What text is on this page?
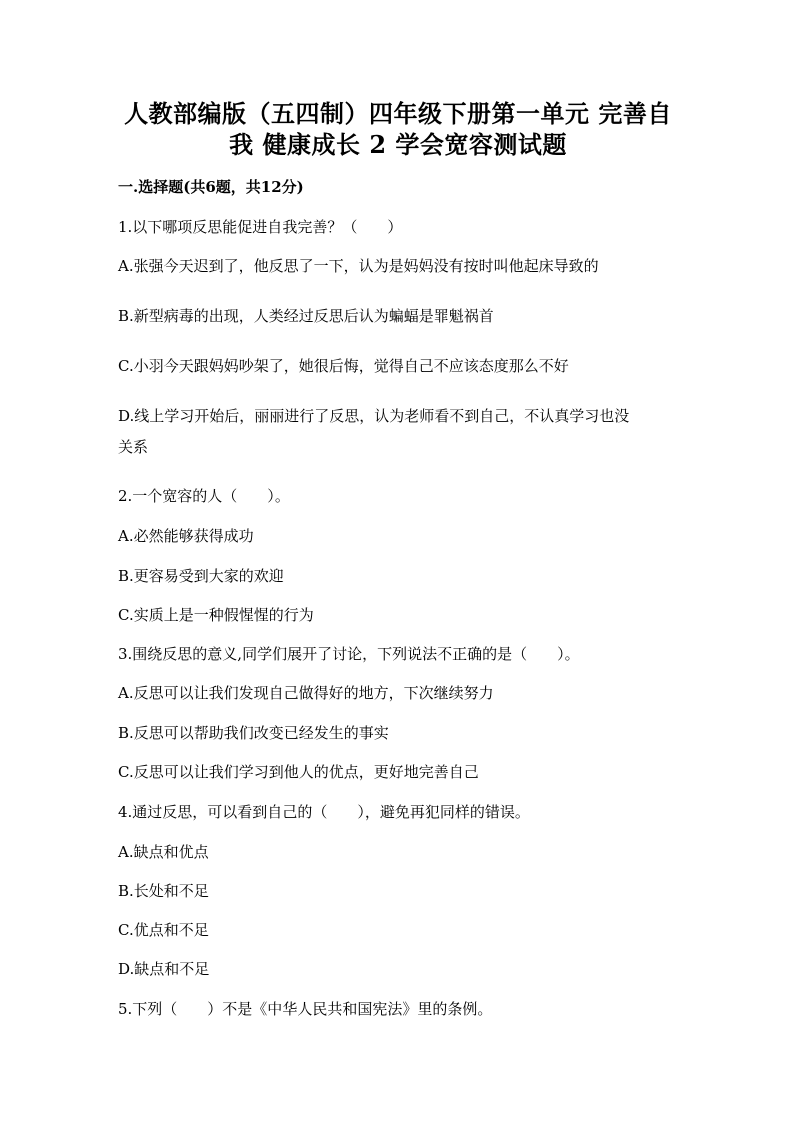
人教部编版（五四制）四年级下册第一单元 完善自
我 健康成长 2 学会宽容测试题
一.选择题(共6题，共12分)
1.以下哪项反思能促进自我完善？（　　）
A.张强今天迟到了，他反思了一下，认为是妈妈没有按时叫他起床导致的
B.新型病毒的出现，人类经过反思后认为蝙蝠是罪魁祸首
C.小羽今天跟妈妈吵架了，她很后悔，觉得自己不应该态度那么不好
D.线上学习开始后，丽丽进行了反思，认为老师看不到自己，不认真学习也没
关系
2.一个宽容的人（　　）。
A.必然能够获得成功
B.更容易受到大家的欢迎
C.实质上是一种假惺惺的行为
3.围绕反思的意义,同学们展开了讨论，下列说法不正确的是（　　）。
A.反思可以让我们发现自己做得好的地方，下次继续努力
B.反思可以帮助我们改变已经发生的事实
C.反思可以让我们学习到他人的优点，更好地完善自己
4.通过反思，可以看到自己的（　　），避免再犯同样的错误。
A.缺点和优点
B.长处和不足
C.优点和不足
D.缺点和不足
5.下列（　　）不是《中华人民共和国宪法》里的条例。
